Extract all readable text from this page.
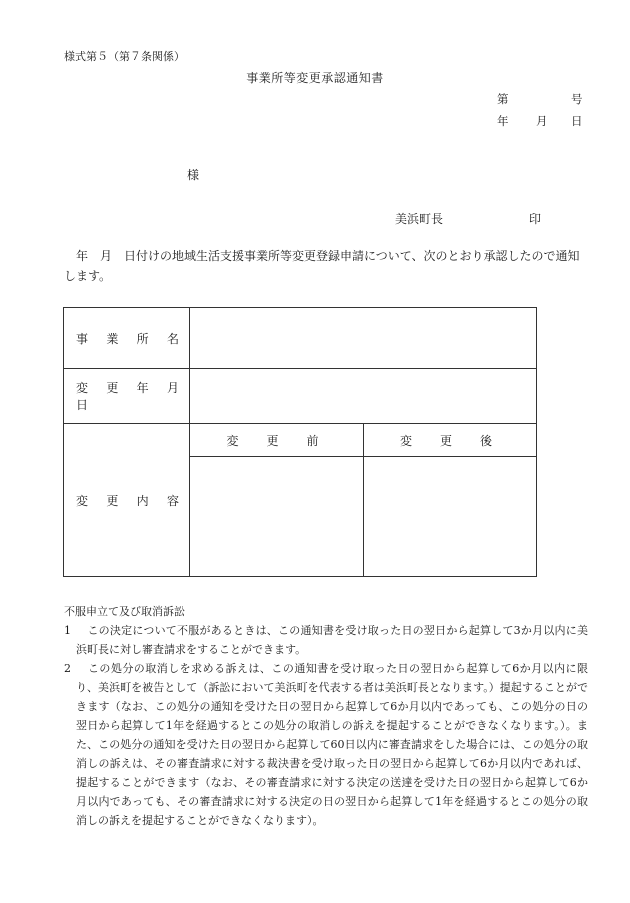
様式第５（第７条関係）
事業所等変更承認通知書
第	号
年 月 日
様
美浜町長	印
年　月　日付けの地域生活支援事業所等変更登録申請について、次のとおり承認したので通知します。
事　業　所　名		
変　更　年　月　日		
変　更　内　容	変　更　前	変　更　後

不服申立て及び取消訴訟

1　 この決定について不服があるときは、この通知書を受け取った日の翌日から起算して3か月以内に美浜町長に対し審査請求をすることができます。

2　 この処分の取消しを求める訴えは、この通知書を受け取った日の翌日から起算して6か月以内に限り、美浜町を被告として（訴訟において美浜町を代表する者は美浜町長となります。）提起することができます（なお、この処分の通知を受けた日の翌日から起算して6か月以内であっても、この処分の日の翌日から起算して1年を経過するとこの処分の取消しの訴えを提起することができなくなります。）。また、この処分の通知を受けた日の翌日から起算して60日以内に審査請求をした場合には、この処分の取消しの訴えは、その審査請求に対する裁決書を受け取った日の翌日から起算して6か月以内であれば、提起することができます（なお、その審査請求に対する決定の送達を受けた日の翌日から起算して6か月以内であっても、その審査請求に対する決定の日の翌日から起算して1年を経過するとこの処分の取消しの訴えを提起することができなくなります）。
